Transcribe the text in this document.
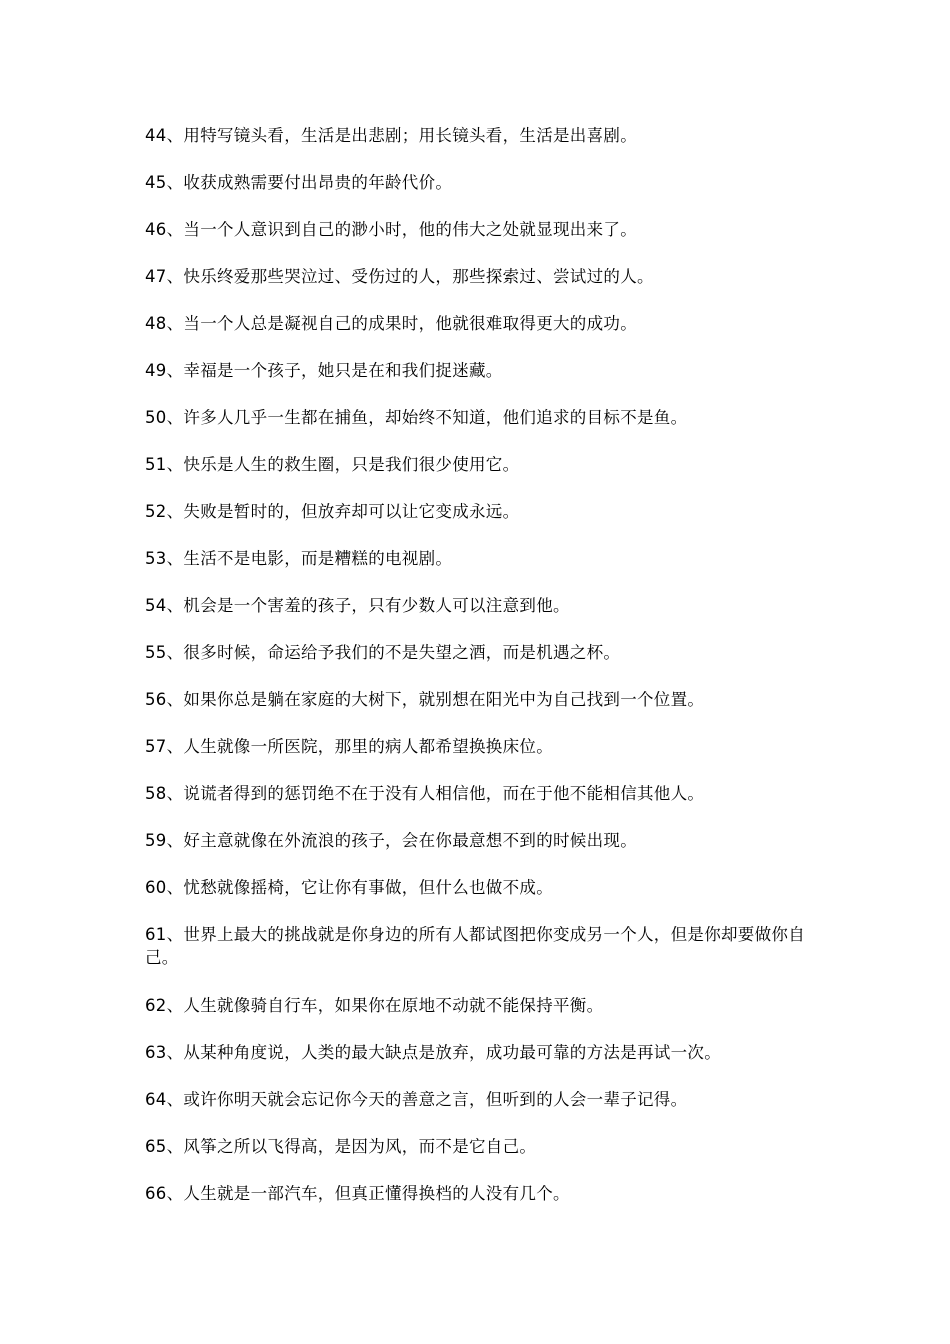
44、用特写镜头看，生活是出悲剧；用长镜头看，生活是出喜剧。
45、收获成熟需要付出昂贵的年龄代价。
46、当一个人意识到自己的渺小时，他的伟大之处就显现出来了。
47、快乐终爱那些哭泣过、受伤过的人，那些探索过、尝试过的人。
48、当一个人总是凝视自己的成果时，他就很难取得更大的成功。
49、幸福是一个孩子，她只是在和我们捉迷藏。
50、许多人几乎一生都在捕鱼，却始终不知道，他们追求的目标不是鱼。
51、快乐是人生的救生圈，只是我们很少使用它。
52、失败是暂时的，但放弃却可以让它变成永远。
53、生活不是电影，而是糟糕的电视剧。
54、机会是一个害羞的孩子，只有少数人可以注意到他。
55、很多时候，命运给予我们的不是失望之酒，而是机遇之杯。
56、如果你总是躺在家庭的大树下，就别想在阳光中为自己找到一个位置。
57、人生就像一所医院，那里的病人都希望换换床位。
58、说谎者得到的惩罚绝不在于没有人相信他，而在于他不能相信其他人。
59、好主意就像在外流浪的孩子，会在你最意想不到的时候出现。
60、忧愁就像摇椅，它让你有事做，但什么也做不成。
61、世界上最大的挑战就是你身边的所有人都试图把你变成另一个人，但是你却要做你自己。
62、人生就像骑自行车，如果你在原地不动就不能保持平衡。
63、从某种角度说，人类的最大缺点是放弃，成功最可靠的方法是再试一次。
64、或许你明天就会忘记你今天的善意之言，但听到的人会一辈子记得。
65、风筝之所以飞得高，是因为风，而不是它自己。
66、人生就是一部汽车，但真正懂得换档的人没有几个。
